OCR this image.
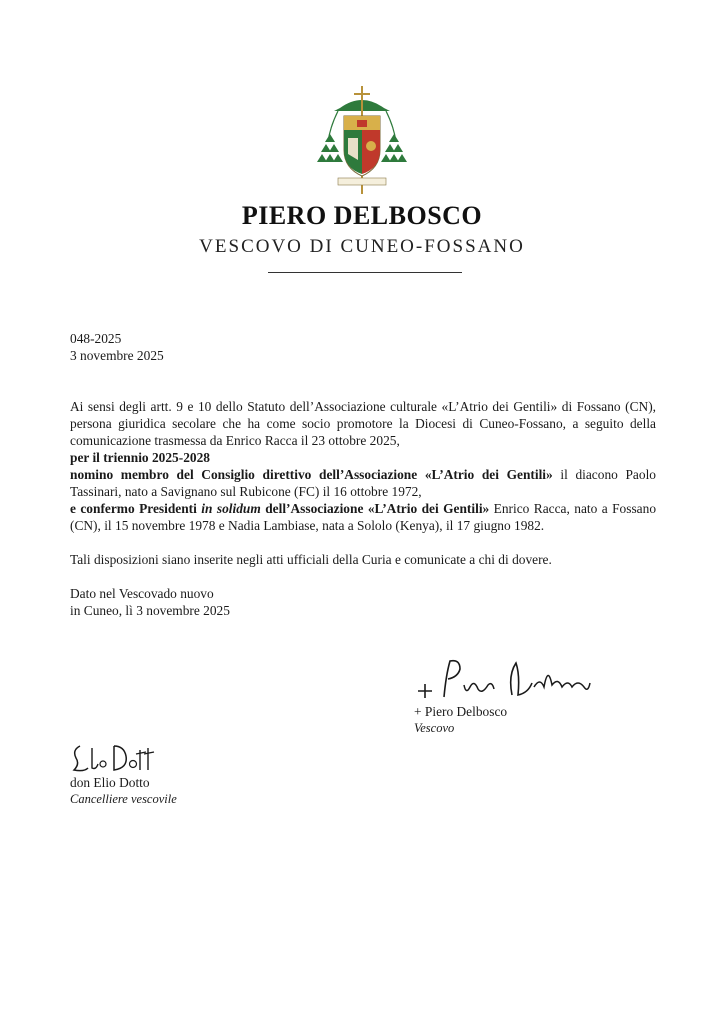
PIERO DELBOSCO
VESCOVO DI CUNEO-FOSSANO

048-2025

3 novembre 2025

Ai sensi degli artt. 9 e 10 dello Statuto dell’Associazione culturale «L’Atrio dei Gentili» di Fossano (CN), persona giuridica secolare che ha come socio promotore la Diocesi di Cuneo-Fossano, a seguito della comunicazione trasmessa da Enrico Racca il 23 ottobre 2025,

per il triennio 2025-2028

nomino membro del Consiglio direttivo dell’Associazione «L’Atrio dei Gentili» il diacono Paolo Tassinari, nato a Savignano sul Rubicone (FC) il 16 ottobre 1972,

e confermo Presidenti in solidum dell’Associazione «L’Atrio dei Gentili» Enrico Racca, nato a Fossano (CN), il 15 novembre 1978 e Nadia Lambiase, nata a Sololo (Kenya), il 17 giugno 1982.

Tali disposizioni siano inserite negli atti ufficiali della Curia e comunicate a chi di dovere.

Dato nel Vescovado nuovo

in Cuneo, lì 3 novembre 2025

+ Piero Delbosco
Vescovo
don Elio Dotto
Cancelliere vescovile
